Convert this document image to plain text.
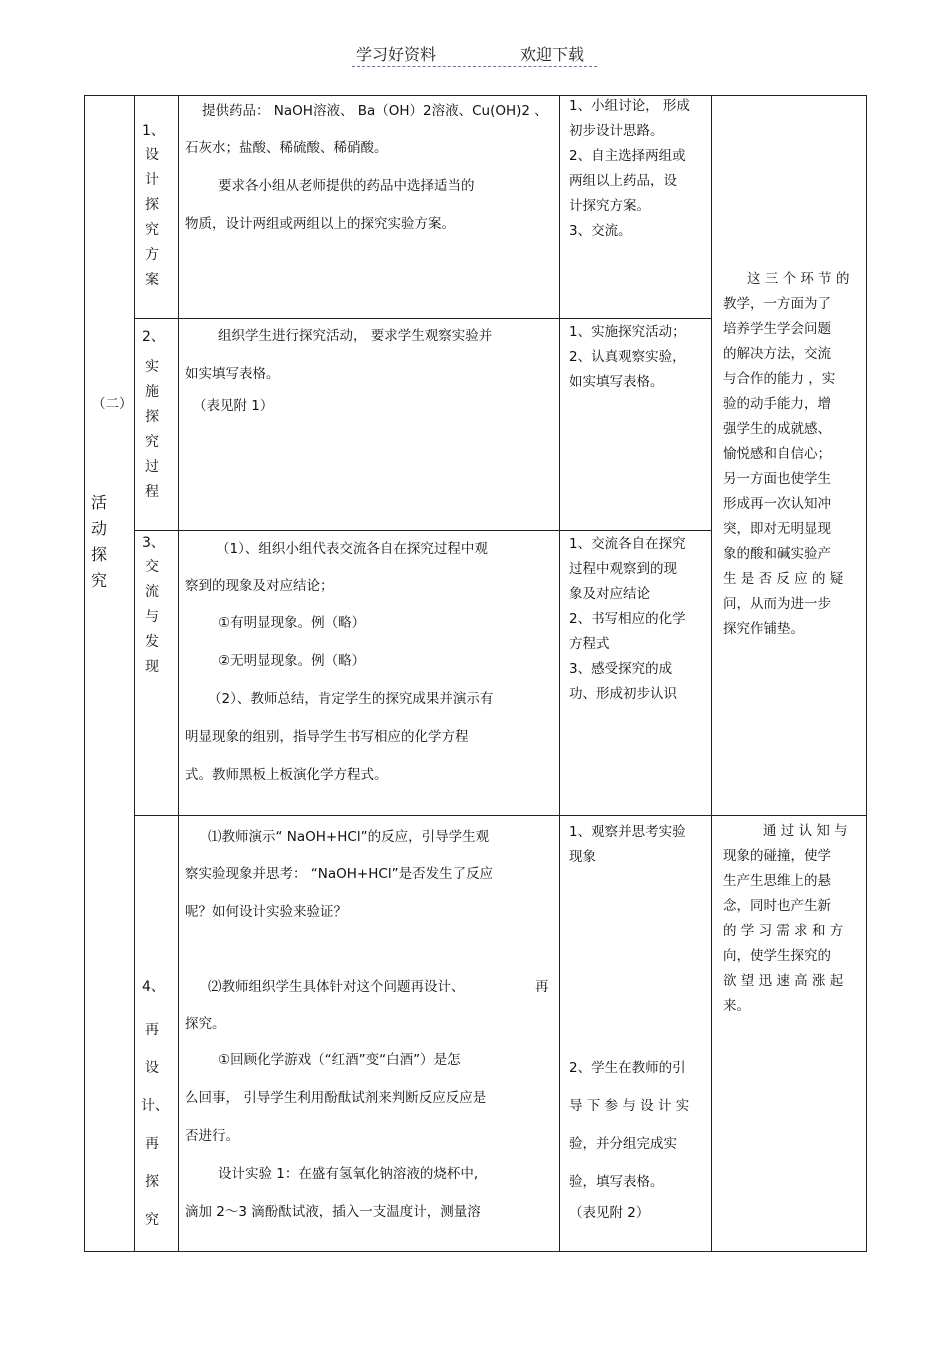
学习好资料	欢迎下载
（二）
活
动
探
究
1、
设
计
探
究
方
案
提供药品： NaOH溶液、 Ba（OH）2溶液、Cu(OH)2 、
石灰水；盐酸、稀硫酸、稀硝酸。
要求各小组从老师提供的药品中选择适当的
物质，设计两组或两组以上的探究实验方案。
1、小组讨论， 形成
初步设计思路。
2、自主选择两组或
两组以上药品，设
计探究方案。
3、交流。
2、
实
施
探
究
过
程
组织学生进行探究活动， 要求学生观察实验并
如实填写表格。
（表见附 1）
1、实施探究活动；
2、认真观察实验，
如实填写表格。
3、
交
流
与
发
现
（1）、组织小组代表交流各自在探究过程中观
察到的现象及对应结论；
①有明显现象。例（略）
②无明显现象。例（略）
（2）、教师总结，肯定学生的探究成果并演示有
明显现象的组别，指导学生书写相应的化学方程
式。教师黑板上板演化学方程式。
1、交流各自在探究
过程中观察到的现
象及对应结论
2、书写相应的化学
方程式
3、感受探究的成
功、形成初步认识
4、
再
设
计、
再
探
究
⑴教师演示“ NaOH+HCl”的反应，引导学生观
察实验现象并思考： “NaOH+HCl”是否发生了反应
呢？如何设计实验来验证？
⑵教师组织学生具体针对这个问题再设计、	再
探究。
①回顾化学游戏（“红酒”变“白酒”）是怎
么回事， 引导学生利用酚酞试剂来判断反应反应是
否进行。
设计实验 1：在盛有氢氧化钠溶液的烧杯中,
滴加 2～3 滴酚酞试液，插入一支温度计，测量溶
1、观察并思考实验
现象
2、学生在教师的引
导 下 参 与 设 计 实
验，并分组完成实
验，填写表格。
（表见附 2）
这 三 个 环 节 的
教学，一方面为了
培养学生学会问题
的解决方法，交流
与合作的能力 ，实
验的动手能力，增
强学生的成就感、
愉悦感和自信心；
另一方面也使学生
形成再一次认知冲
突，即对无明显现
象的酸和碱实验产
生 是 否 反 应 的 疑
问，从而为进一步
探究作铺垫。
通 过 认 知 与
现象的碰撞，使学
生产生思维上的悬
念，同时也产生新
的 学 习 需 求 和 方
向，使学生探究的
欲 望 迅 速 高 涨 起
来。
